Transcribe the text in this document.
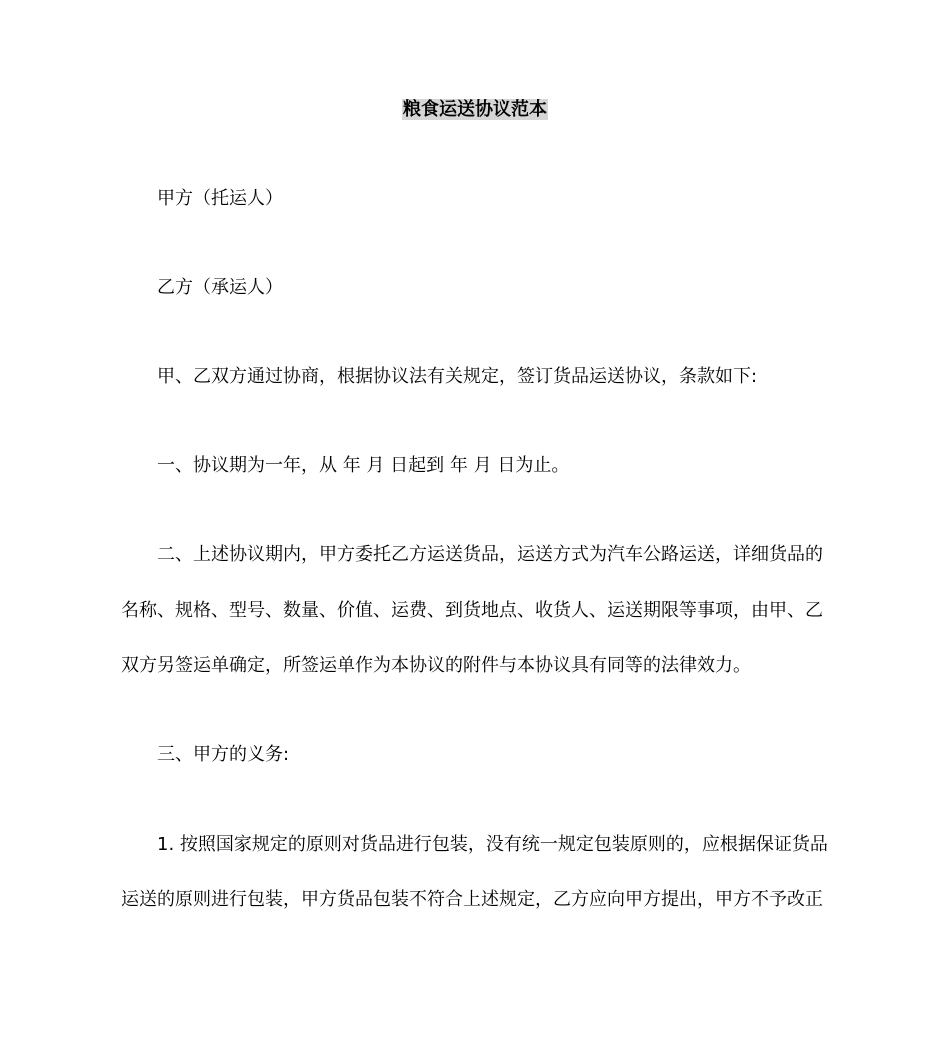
粮食运送协议范本
甲方（托运人）
乙方（承运人）
甲、乙双方通过协商，根据协议法有关规定，签订货品运送协议，条款如下:
一、协议期为一年，从 年 月 日起到 年 月 日为止。
二、上述协议期内，甲方委托乙方运送货品，运送方式为汽车公路运送，详细货品的
名称、规格、型号、数量、价值、运费、到货地点、收货人、运送期限等事项，由甲、乙
双方另签运单确定，所签运单作为本协议的附件与本协议具有同等的法律效力。
三、甲方的义务:
1. 按照国家规定的原则对货品进行包装，没有统一规定包装原则的，应根据保证货品
运送的原则进行包装，甲方货品包装不符合上述规定，乙方应向甲方提出，甲方不予改正
